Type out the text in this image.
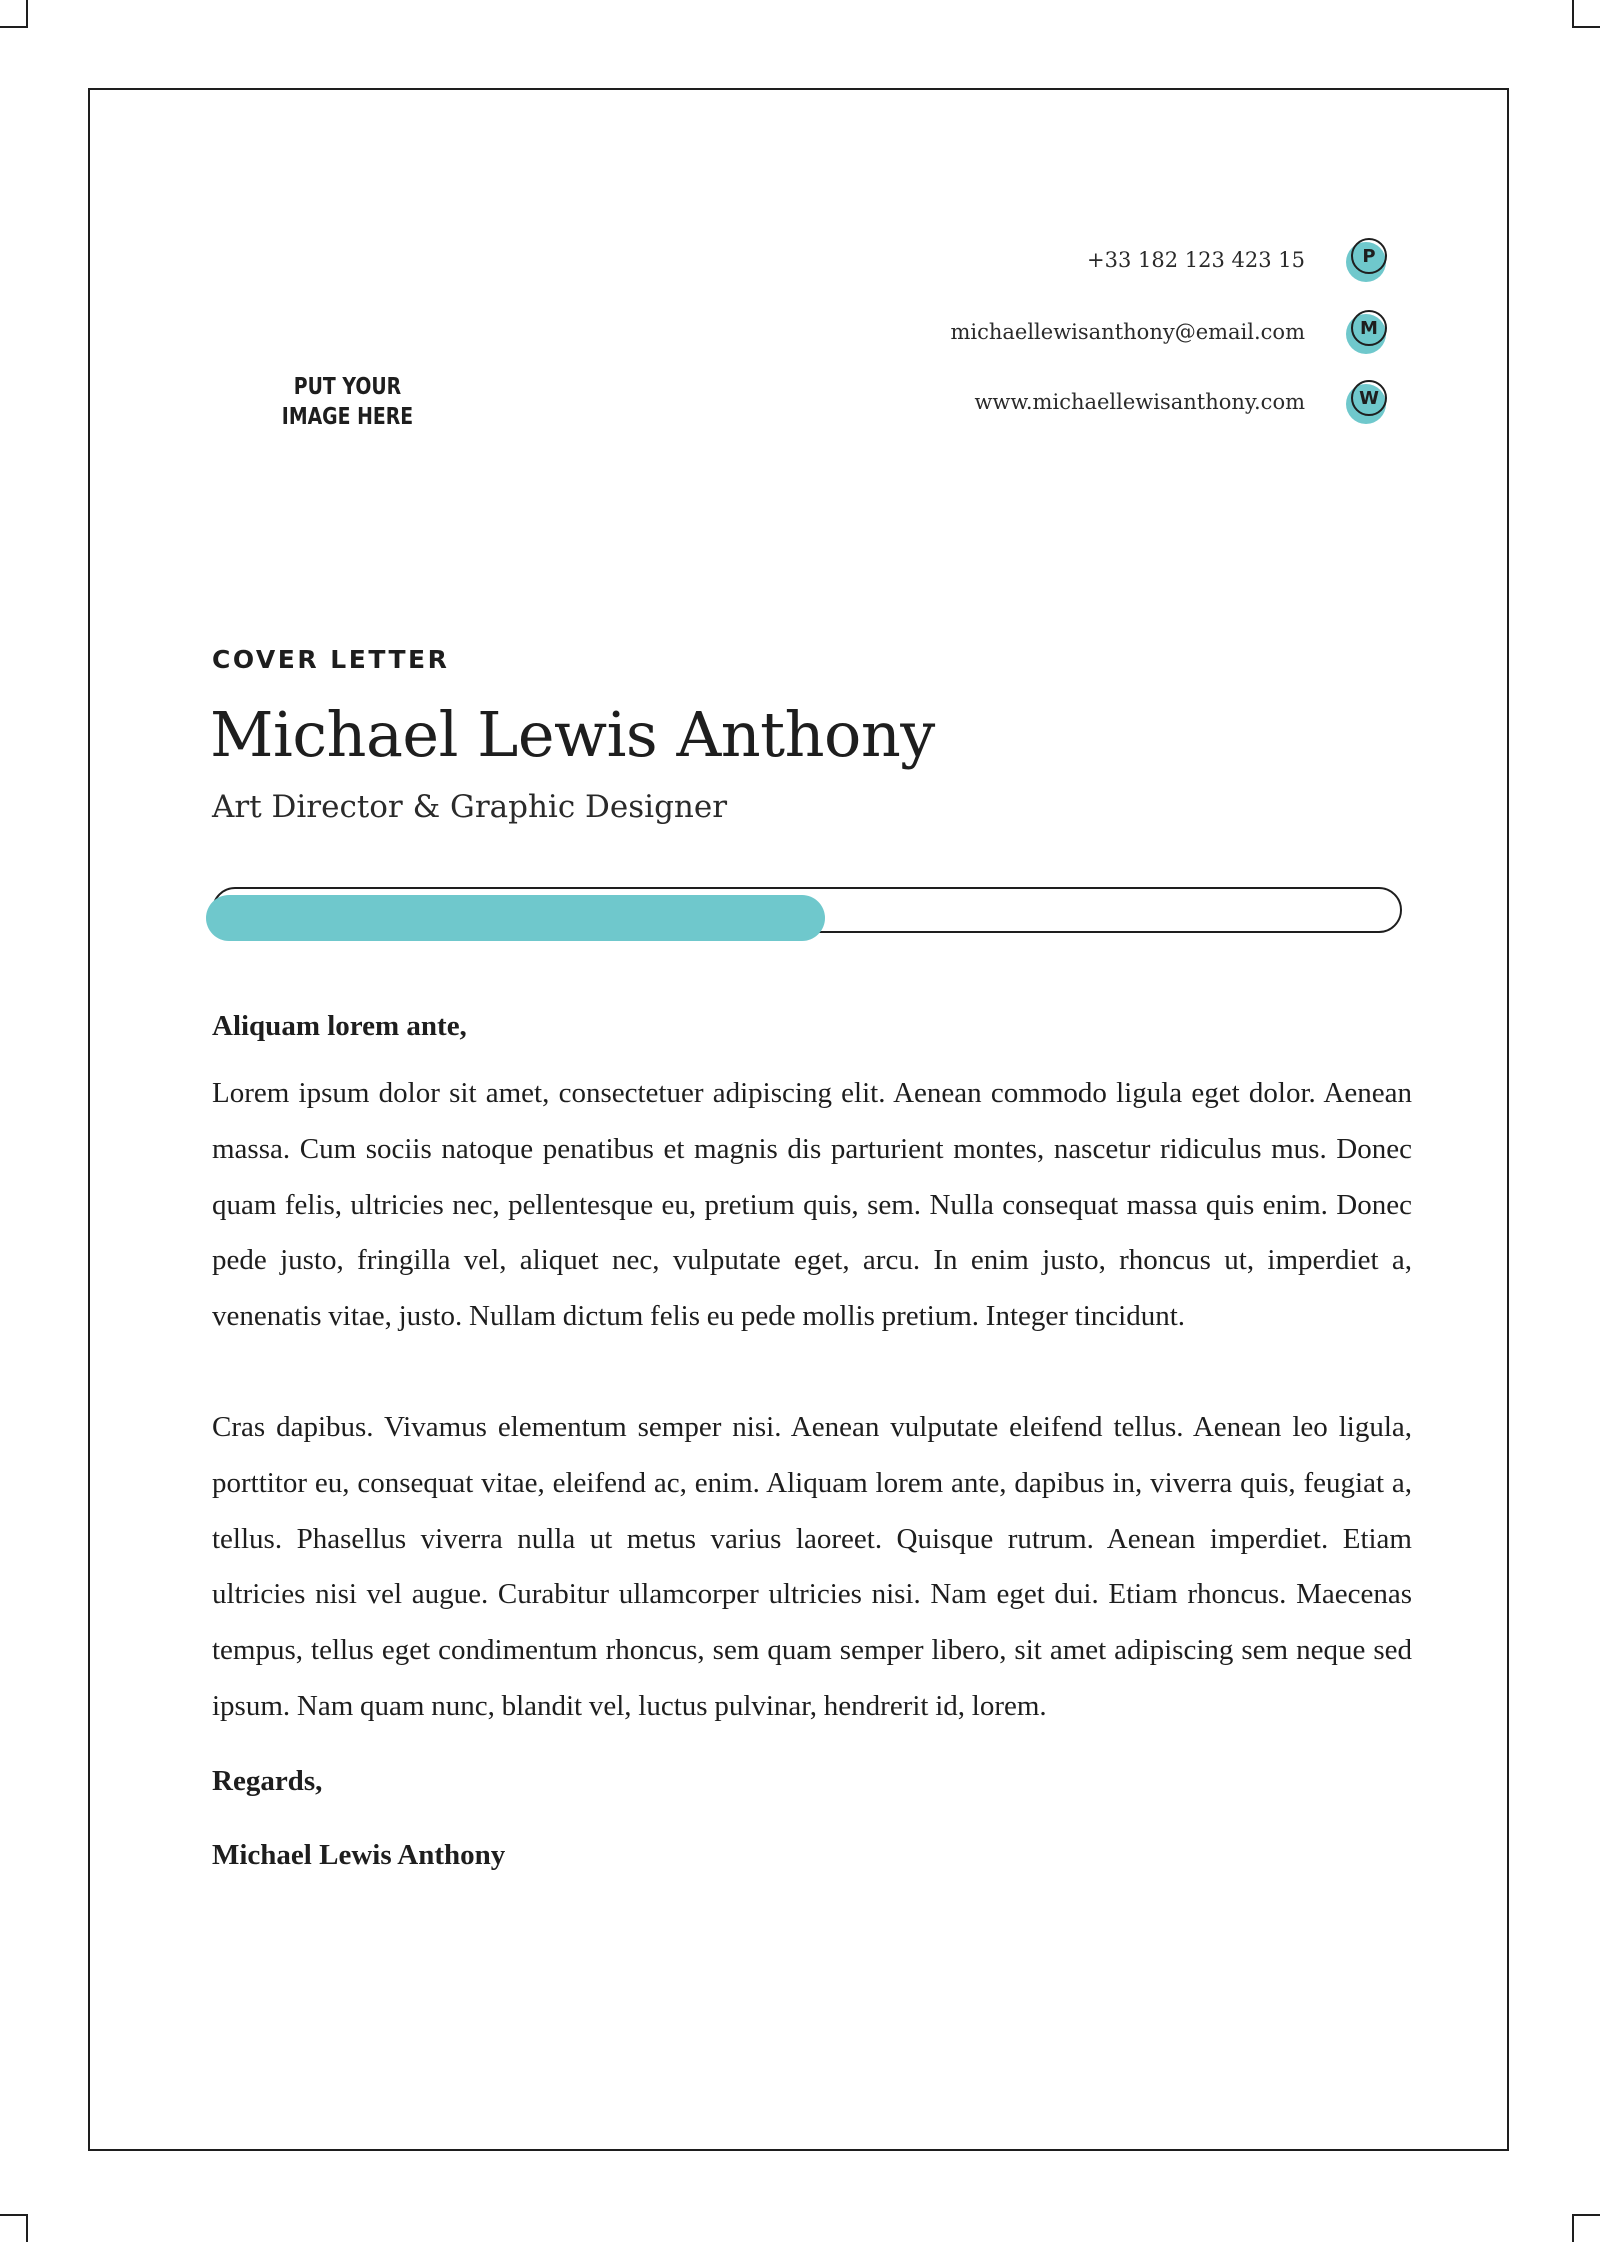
PUT YOUR
IMAGE HERE
+33 182 123 423 15	P
michaellewisanthony@email.com	M
www.michaellewisanthony.com	W
COVER LETTER
Michael Lewis Anthony
Art Director & Graphic Designer

Aliquam lorem ante,

Lorem ipsum dolor sit amet, consectetuer adipiscing elit. Aenean commodo ligula eget dolor. Aenean massa. Cum sociis natoque penatibus et magnis dis parturient montes, nascetur ridiculus mus. Donec quam felis, ultricies nec, pellentesque eu, pretium quis, sem. Nulla consequat massa quis enim. Donec pede justo, fringilla vel, aliquet nec, vulputate eget, arcu. In enim justo, rhoncus ut, imperdiet a, venenatis vitae, justo. Nullam dictum felis eu pede mollis pretium. Integer tincidunt.

Cras dapibus. Vivamus elementum semper nisi. Aenean vulputate eleifend tellus. Aenean leo ligula, porttitor eu, consequat vitae, eleifend ac, enim. Aliquam lorem ante, dapibus in, viverra quis, feugiat a, tellus. Phasellus viverra nulla ut metus varius laoreet. Quisque rutrum. Aenean imperdiet. Etiam ultricies nisi vel augue. Curabitur ullamcorper ultricies nisi. Nam eget dui. Etiam rhoncus. Maecenas tempus, tellus eget condimentum rhoncus, sem quam semper libero, sit amet adipiscing sem neque sed ipsum. Nam quam nunc, blandit vel, luctus pulvinar, hendrerit id, lorem.

Regards,

Michael Lewis Anthony
